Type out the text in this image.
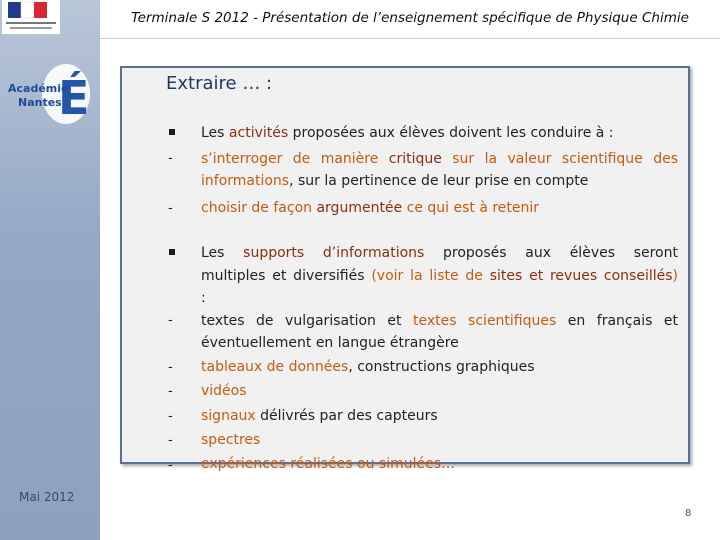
É
Académie
Nantes
Mai 2012
Terminale S 2012 - Présentation de l’enseignement spécifique de Physique Chimie
Extraire … :
Les activités proposées aux élèves doivent les conduire à :
- s’interroger de manière critique sur la valeur scientifique des
informations, sur la pertinence de leur prise en compte
- choisir de façon argumentée ce qui est à retenir
Les supports d’informations proposés aux élèves seront
multiples et diversifiés (voir la liste de sites et revues conseillés)
:
- textes de vulgarisation et textes scientifiques en français et
éventuellement en langue étrangère
- tableaux de données, constructions graphiques
- vidéos
- signaux délivrés par des capteurs
- spectres
- expériences réalisées ou simulées…
8
